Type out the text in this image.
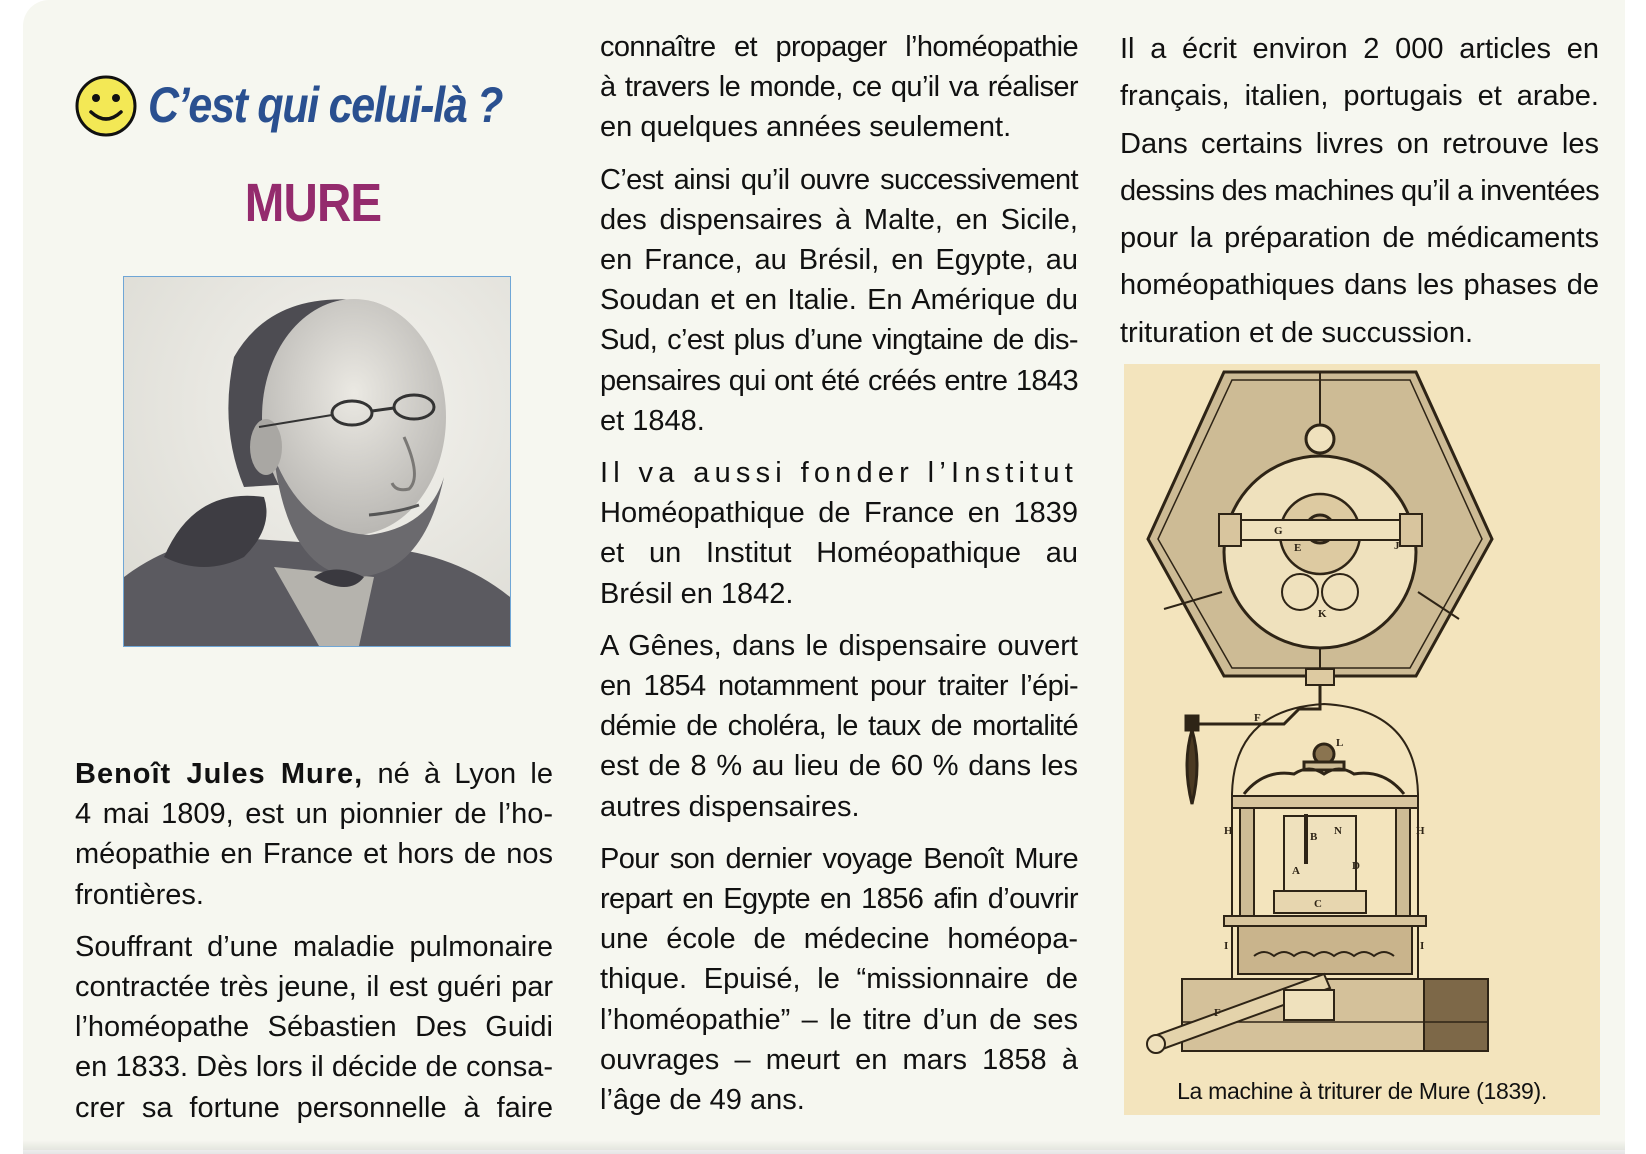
C’est qui celui-là ?
MURE

Benoît Jules Mure, né à Lyon le
4 mai 1809, est un pionnier de l’ho-
méopathie en France et hors de nos
frontières.

Souffrant d’une maladie pulmonaire
contractée très jeune, il est guéri par
l’homéopathe Sébastien Des Guidi
en 1833. Dès lors il décide de consa-
crer sa fortune personnelle à faire

connaître et propager l’homéopathie
à travers le monde, ce qu’il va réaliser
en quelques années seulement.

C’est ainsi qu’il ouvre successivement
des dispensaires à Malte, en Sicile,
en France, au Brésil, en Egypte, au
Soudan et en Italie. En Amérique du
Sud, c’est plus d’une vingtaine de dis-
pensaires qui ont été créés entre 1843
et 1848.

Il va aussi fonder l’Institut
Homéopathique de France en 1839
et un Institut Homéopathique au
Brésil en 1842.

A Gênes, dans le dispensaire ouvert
en 1854 notamment pour traiter l’épi-
démie de choléra, le taux de mortalité
est de 8 % au lieu de 60 % dans les
autres dispensaires.

Pour son dernier voyage Benoît Mure
repart en Egypte en 1856 afin d’ouvrir
une école de médecine homéopa-
thique. Epuisé, le “missionnaire de
l’homéopathie” – le titre d’un de ses
ouvrages – meurt en mars 1858 à
l’âge de 49 ans.

Il a écrit environ 2 000 articles en
français, italien, portugais et arabe.
Dans certains livres on retrouve les
dessins des machines qu’il a inventées
pour la préparation de médicaments
homéopathiques dans les phases de
trituration et de succussion.

G
J
E
K
F
L
H	H
B N
A
C
D
I	I
F
La machine à triturer de Mure (1839).
